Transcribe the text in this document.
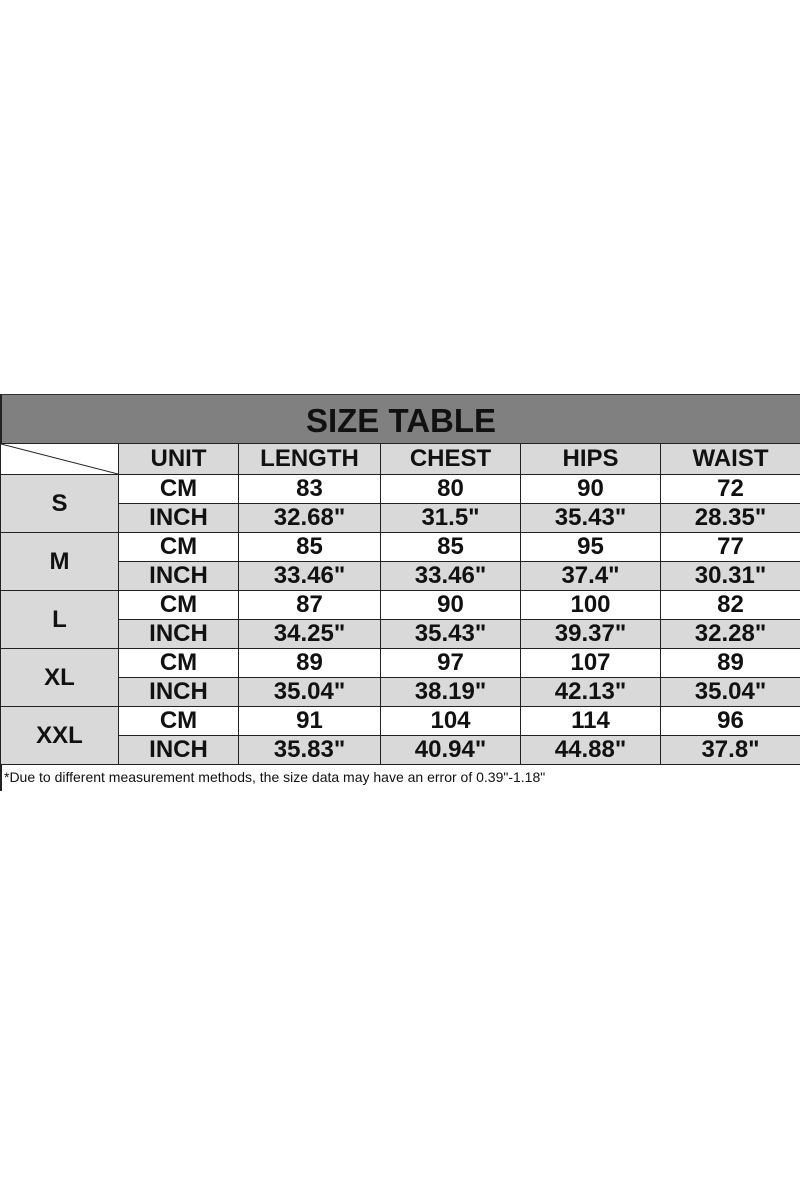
SIZE TABLE
	UNIT	LENGTH	CHEST	HIPS	WAIST
S	CM	83	80	90	72
	INCH	32.68"	31.5"	35.43"	28.35"
M	CM	85	85	95	77
	INCH	33.46"	33.46"	37.4"	30.31"
L	CM	87	90	100	82
	INCH	34.25"	35.43"	39.37"	32.28"
XL	CM	89	97	107	89
	INCH	35.04"	38.19"	42.13"	35.04"
XXL	CM	91	104	114	96
	INCH	35.83"	40.94"	44.88"	37.8"
*Due to different measurement methods, the size data may have an error of 0.39"-1.18"
